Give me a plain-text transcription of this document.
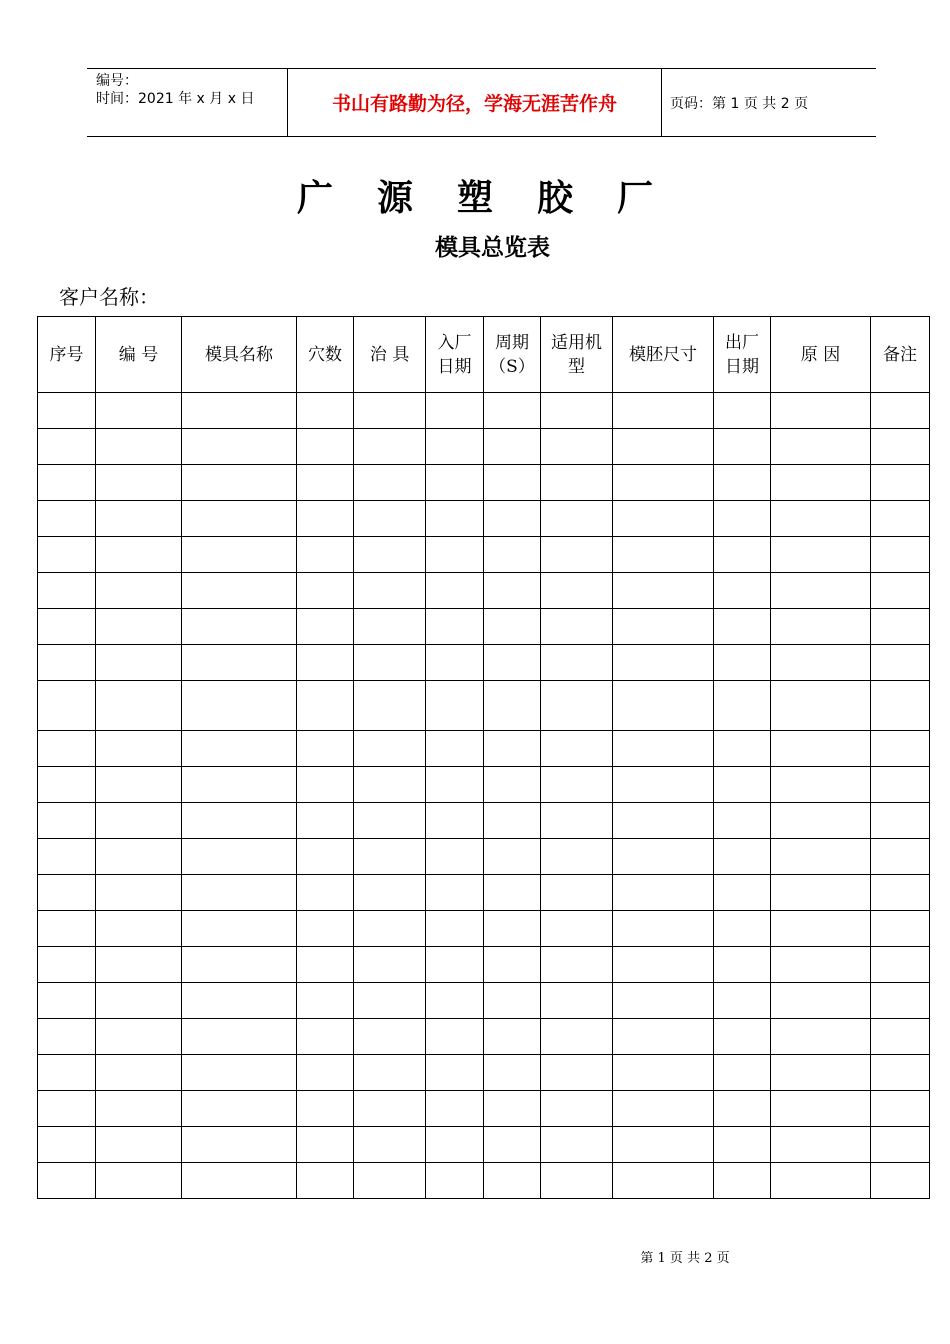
编号：
时间：2021 年 x 月 x 日	书山有路勤为径，学海无涯苦作舟	页码：第 1 页 共 2 页
广源塑胶厂
模具总览表
客户名称：
序号	编 号	模具名称	穴数	治 具	入厂日期	周期（S）	适用机型	模胚尺寸	出厂日期	原 因	备注

第 1 页 共 2 页
